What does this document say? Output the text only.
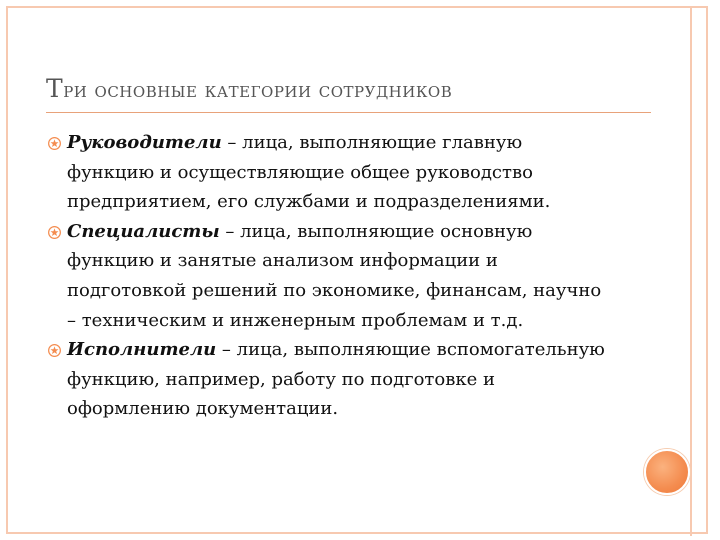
Три основные категории сотрудников
Руководители – лица, выполняющие главную функцию и осуществляющие общее руководство предприятием, его службами и подразделениями.
Специалисты – лица, выполняющие основную функцию и занятые анализом информации и подготовкой решений по экономике, финансам, научно – техническим и инженерным проблемам и т.д.
Исполнители – лица, выполняющие вспомогательную функцию, например, работу по подготовке и оформлению документации.
